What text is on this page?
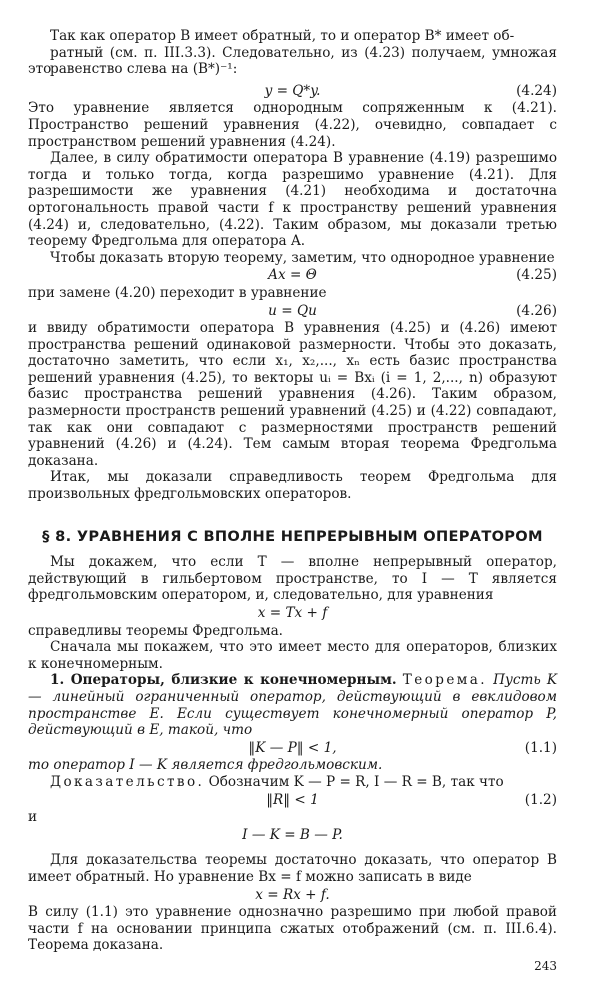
Так как оператор B имеет обратный, то и оператор B* имеет об-
ратный (см. п. III.3.3). Следовательно, из (4.23) получаем, умножая это
равенство слева на (B*)⁻¹:
y = Q*y.	(4.24)

Это уравнение является однородным сопряженным к (4.21). Пространство решений уравнения (4.22), очевидно, совпадает с пространством решений уравнения (4.24).

Далее, в силу обратимости оператора B уравнение (4.19) разрешимо тогда и только тогда, когда разрешимо уравнение (4.21). Для разрешимости же уравнения (4.21) необходима и достаточна ортогональность правой части f к пространству решений уравнения (4.24) и, следовательно, (4.22). Таким образом, мы доказали третью теорему Фредгольма для оператора A.

Чтобы доказать вторую теорему, заметим, что однородное уравнение

Ax = Θ	(4.25)

при замене (4.20) переходит в уравнение

u = Qu	(4.26)

и ввиду обратимости оператора B уравнения (4.25) и (4.26) имеют пространства решений одинаковой размерности. Чтобы это доказать, достаточно заметить, что если x₁, x₂,..., xₙ есть базис пространства решений уравнения (4.25), то векторы uᵢ = Bxᵢ (i = 1, 2,..., n) образуют базис пространства решений уравнения (4.26). Таким образом, размерности пространств решений уравнений (4.25) и (4.22) совпадают, так как они совпадают с размерностями пространств решений уравнений (4.26) и (4.24). Тем самым вторая теорема Фредгольма доказана.

Итак, мы доказали справедливость теорем Фредгольма для произвольных фредгольмовских операторов.

§ 8. УРАВНЕНИЯ С ВПОЛНЕ НЕПРЕРЫВНЫМ ОПЕРАТОРОМ

Мы докажем, что если T — вполне непрерывный оператор, действующий в гильбертовом пространстве, то I — T является фредгольмовским оператором, и, следовательно, для уравнения

x = Tx + f

справедливы теоремы Фредгольма.

Сначала мы покажем, что это имеет место для операторов, близких к конечномерным.

1. Операторы, близкие к конечномерным. Теорема. Пусть K — линейный ограниченный оператор, действующий в евклидовом пространстве E. Если существует конечномерный оператор P, действующий в E, такой, что

‖K — P‖ < 1,	(1.1)

то оператор I — K является фредгольмовским.

Доказательство. Обозначим K — P = R, I — R = B, так что

‖R‖ < 1	(1.2)

и

I — K = B — P.

Для доказательства теоремы достаточно доказать, что оператор B имеет обратный. Но уравнение Bx = f можно записать в виде

x = Rx + f.

В силу (1.1) это уравнение однозначно разрешимо при любой правой части f на основании принципа сжатых отображений (см. п. III.6.4). Теорема доказана.

243
